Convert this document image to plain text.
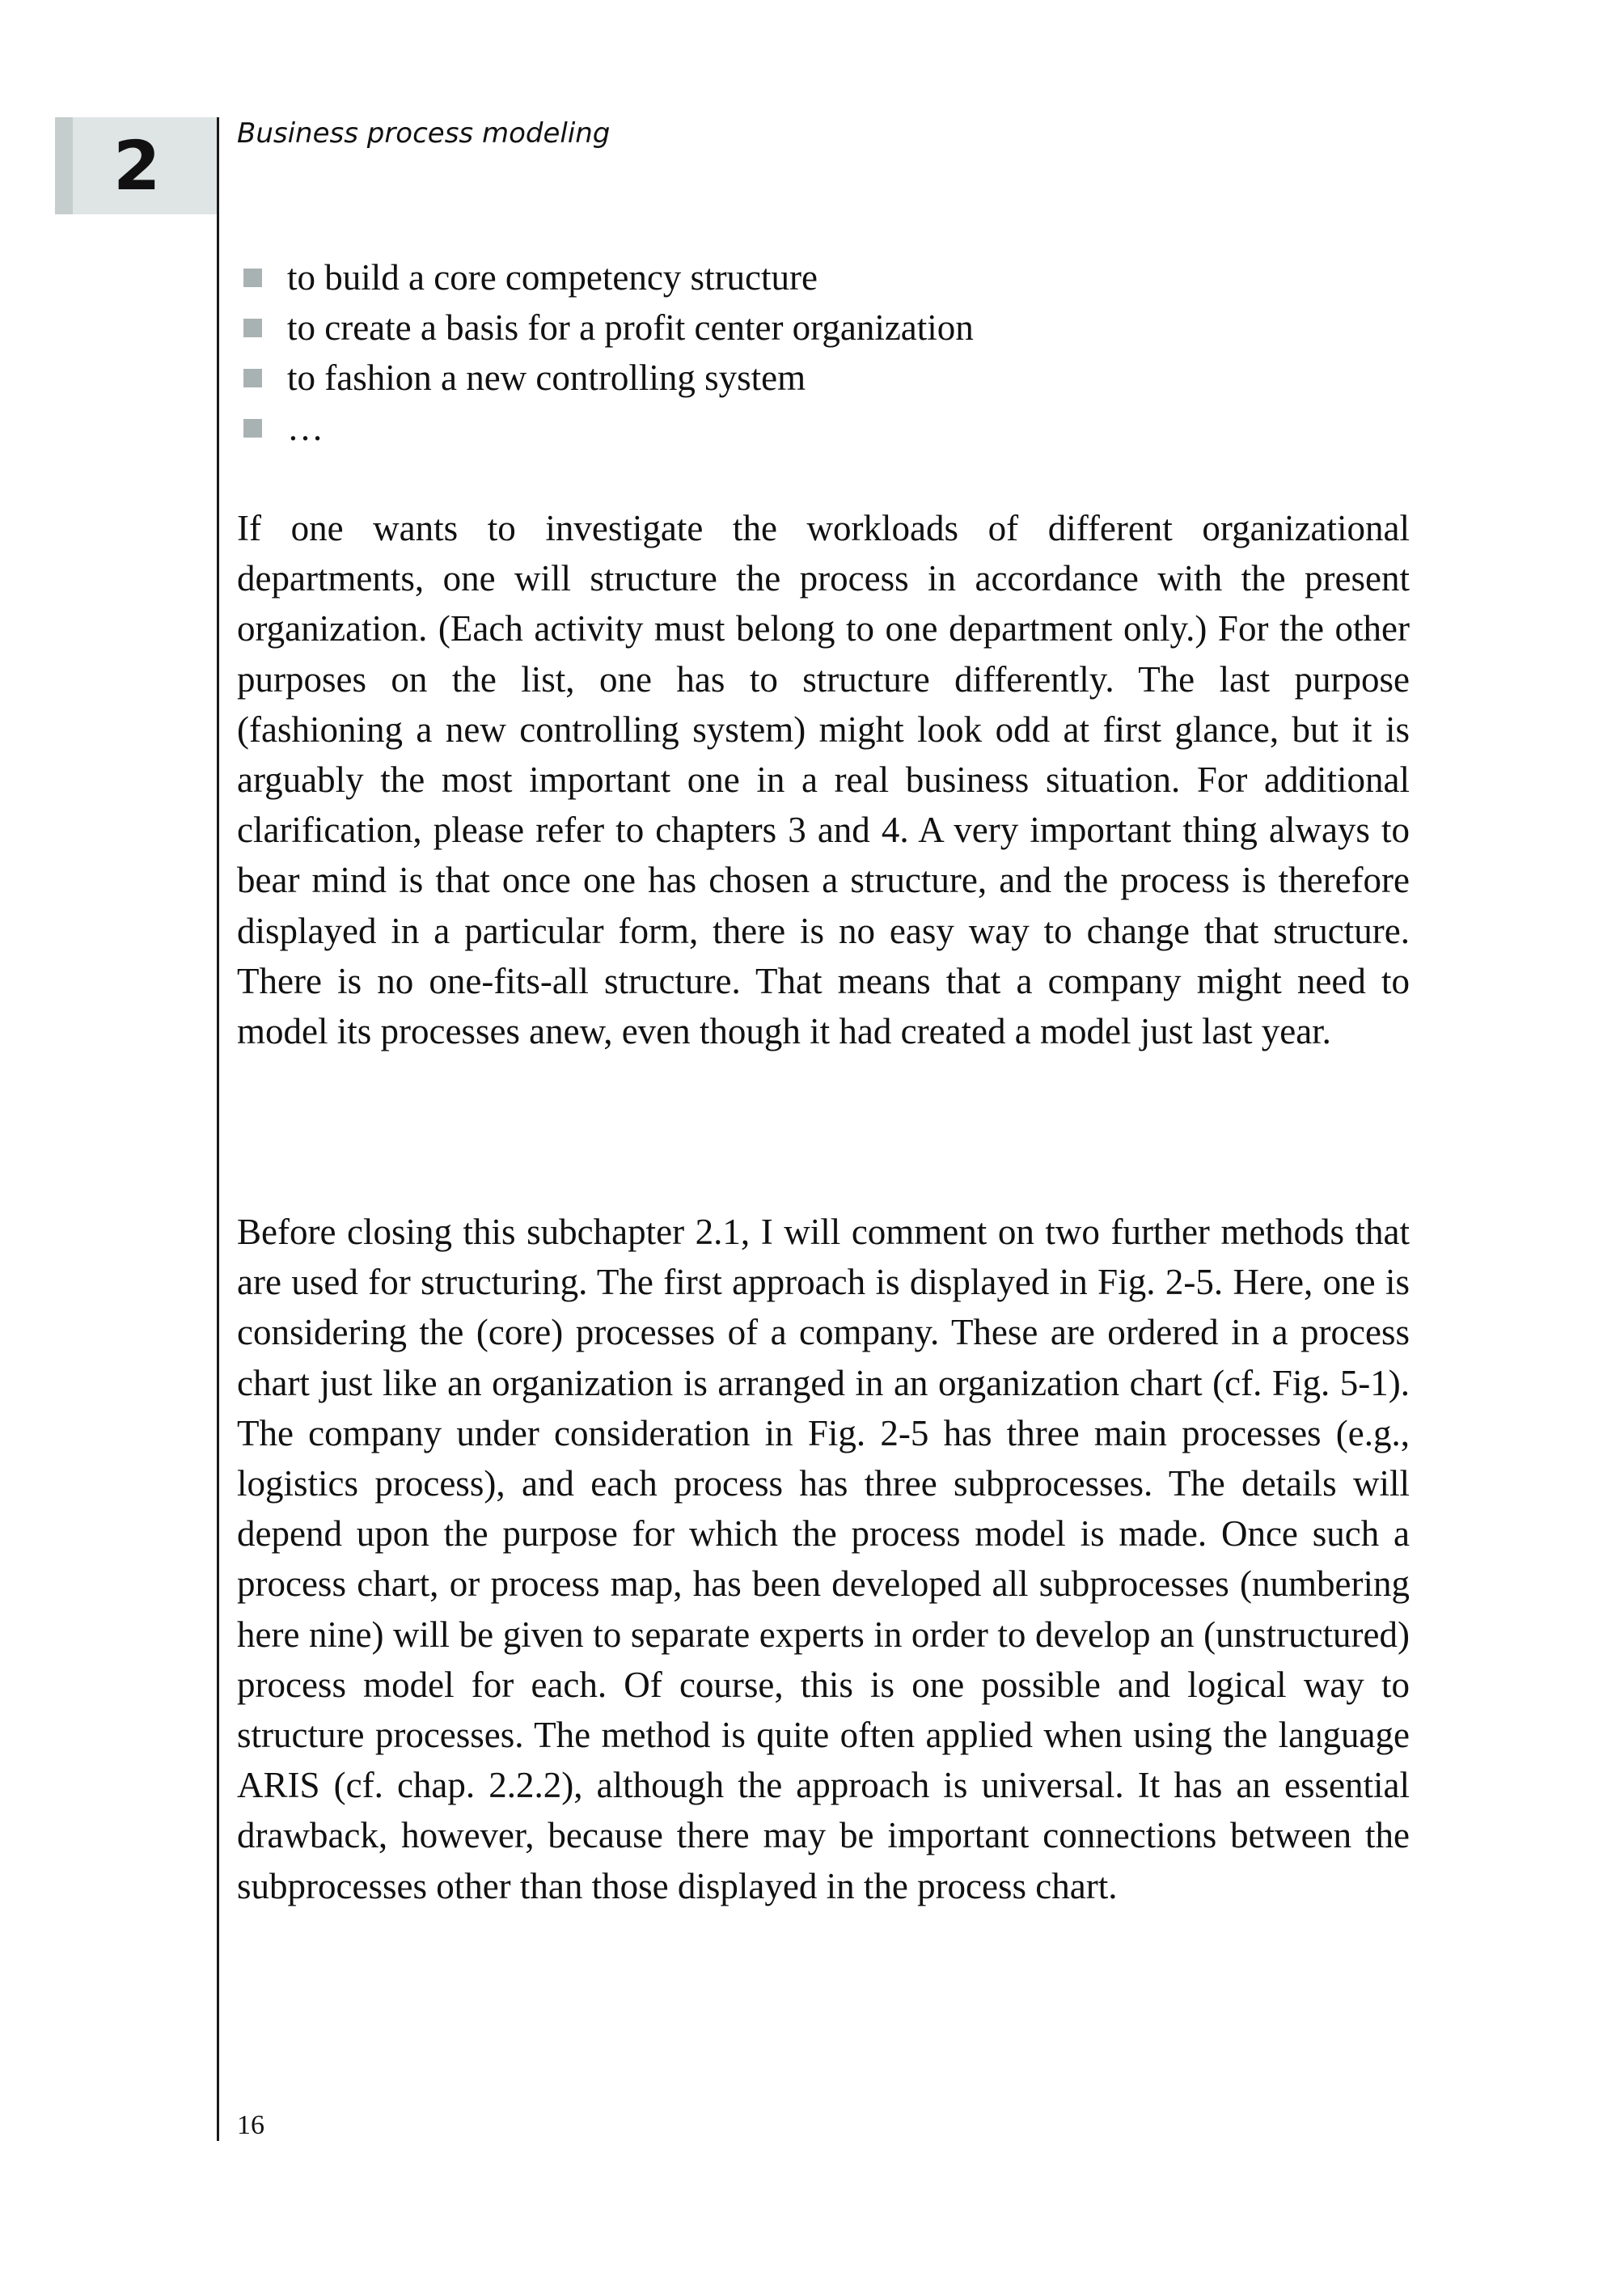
2	Business process modeling
to build a core competency structure
to create a basis for a profit center organization
to fashion a new controlling system
…

If one wants to investigate the workloads of different organizational departments, one will structure the process in accordance with the present organization. (Each activity must belong to one department only.) For the other purposes on the list, one has to structure differently. The last purpose (fashioning a new controlling system) might look odd at first glance, but it is arguably the most important one in a real business situation. For additional clarification, please refer to chapters 3 and 4. A very important thing always to bear mind is that once one has chosen a structure, and the process is therefore displayed in a particular form, there is no easy way to change that structure. There is no one-fits-all structure. That means that a company might need to model its processes anew, even though it had created a model just last year.

Before closing this subchapter 2.1, I will comment on two further methods that are used for structuring. The first approach is displayed in Fig. 2-5. Here, one is considering the (core) processes of a company. These are ordered in a process chart just like an organization is arranged in an organization chart (cf. Fig. 5-1). The company under consideration in Fig. 2-5 has three main processes (e.g., logistics process), and each process has three subprocesses. The details will depend upon the purpose for which the process model is made. Once such a process chart, or process map, has been developed all subprocesses (numbering here nine) will be given to separate experts in order to develop an (unstructured) process model for each. Of course, this is one possible and logical way to structure processes. The method is quite often applied when using the language ARIS (cf. chap. 2.2.2), although the approach is universal. It has an essential drawback, however, because there may be important connections between the subprocesses other than those displayed in the process chart.

16
